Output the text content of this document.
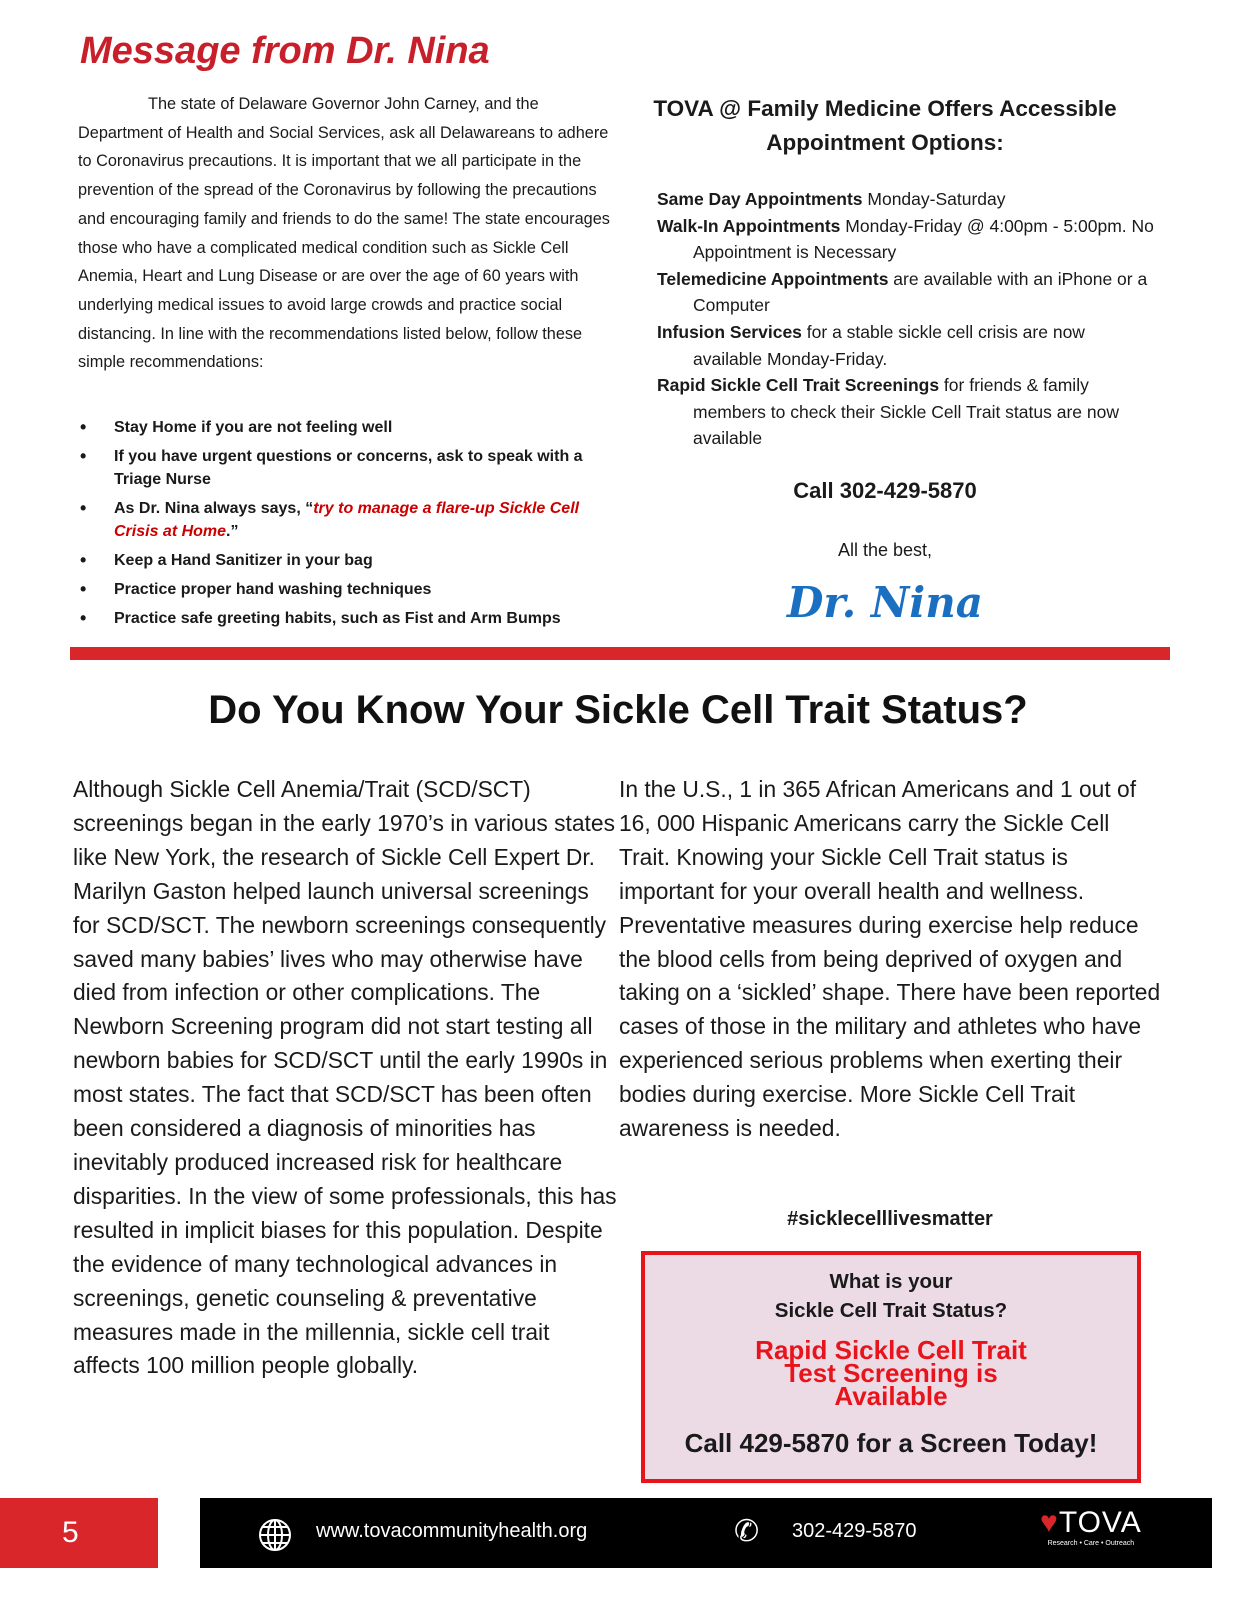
Message from Dr. Nina
The state of Delaware Governor John Carney, and the Department of Health and Social Services, ask all Delawareans to adhere to Coronavirus precautions. It is important that we all participate in the prevention of the spread of the Coronavirus by following the precautions and encouraging family and friends to do the same! The state encourages those who have a complicated medical condition such as Sickle Cell Anemia, Heart and Lung Disease or are over the age of 60 years with underlying medical issues to avoid large crowds and practice social distancing. In line with the recommendations listed below, follow these simple recommendations:
• Stay Home if you are not feeling well
• If you have urgent questions or concerns, ask to speak with a Triage Nurse
• As Dr. Nina always says, “try to manage a flare-up Sickle Cell Crisis at Home.”
• Keep a Hand Sanitizer in your bag
• Practice proper hand washing techniques
• Practice safe greeting habits, such as Fist and Arm Bumps
TOVA @ Family Medicine Offers Accessible Appointment Options:
Same Day Appointments Monday-Saturday
Walk-In Appointments Monday-Friday @ 4:00pm - 5:00pm. No Appointment is Necessary
Telemedicine Appointments are available with an iPhone or a Computer
Infusion Services for a stable sickle cell crisis are now available Monday-Friday.
Rapid Sickle Cell Trait Screenings for friends & family members to check their Sickle Cell Trait status are now available
Call 302-429-5870
All the best,
Dr. Nina
Do You Know Your Sickle Cell Trait Status?
Although Sickle Cell Anemia/Trait (SCD/SCT) screenings began in the early 1970’s in various states like New York, the research of Sickle Cell Expert Dr. Marilyn Gaston helped launch universal screenings for SCD/SCT. The newborn screenings consequently saved many babies’ lives who may otherwise have died from infection or other complications. The Newborn Screening program did not start testing all newborn babies for SCD/SCT until the early 1990s in most states. The fact that SCD/SCT has been often been considered a diagnosis of minorities has inevitably produced increased risk for healthcare disparities. In the view of some professionals, this has resulted in implicit biases for this population. Despite the evidence of many technological advances in screenings, genetic counseling & preventative measures made in the millennia, sickle cell trait affects 100 million people globally.
In the U.S., 1 in 365 African Americans and 1 out of 16, 000 Hispanic Americans carry the Sickle Cell Trait. Knowing your Sickle Cell Trait status is important for your overall health and wellness. Preventative measures during exercise help reduce the blood cells from being deprived of oxygen and taking on a ‘sickled’ shape. There have been reported cases of those in the military and athletes who have experienced serious problems when exerting their bodies during exercise. More Sickle Cell Trait awareness is needed.
#sicklecelllivesmatter
What is your
Sickle Cell Trait Status?
Rapid Sickle Cell Trait
Test Screening is
Available
Call 429-5870 for a Screen Today!
5	www.tovacommunityhealth.org	✆ 302-429-5870	♥TOVA
Research • Care • Outreach
